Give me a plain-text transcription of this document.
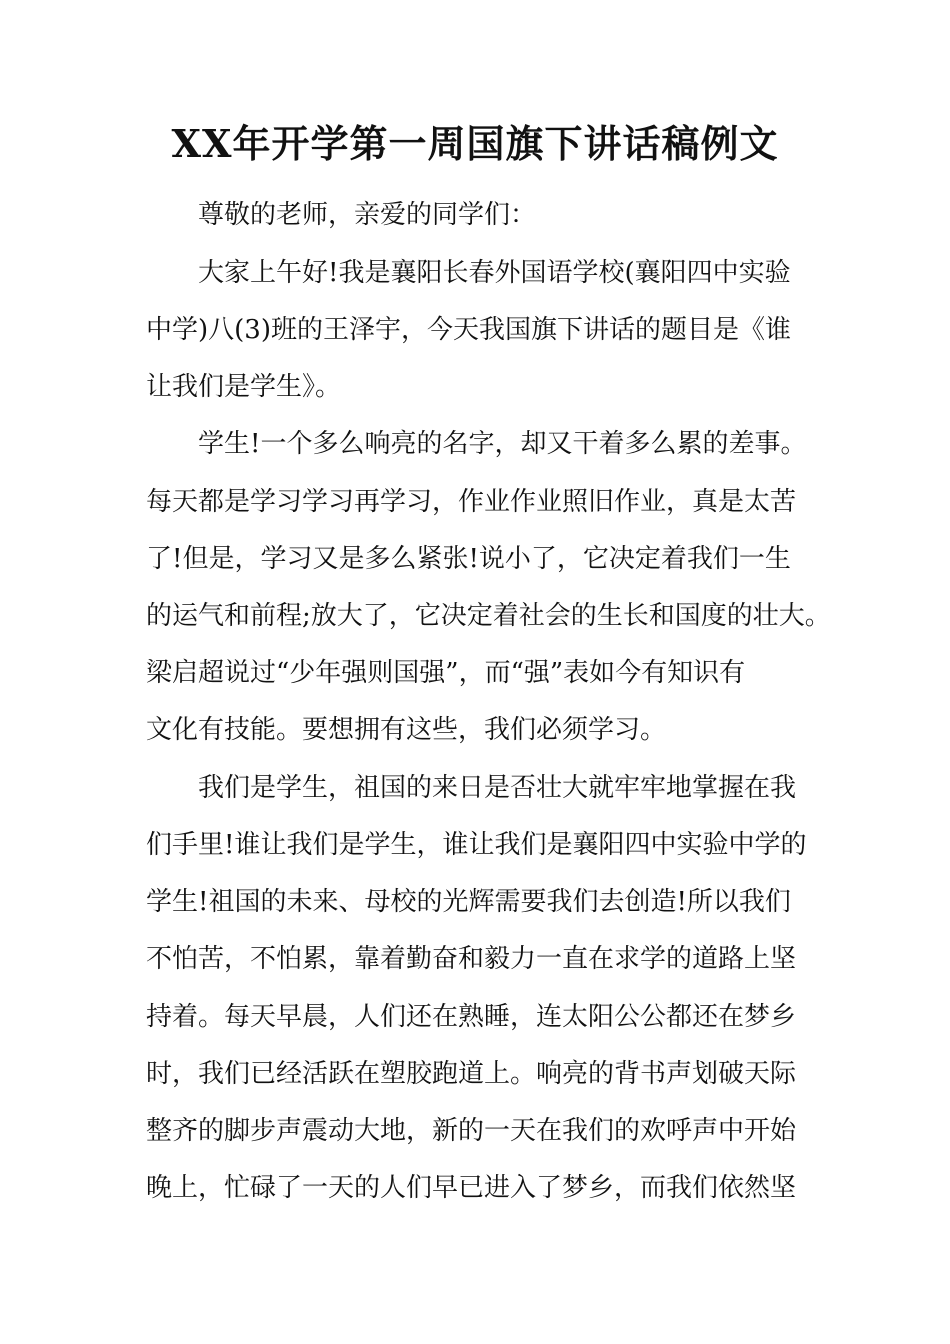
XX年开学第一周国旗下讲话稿例文
尊敬的老师，亲爱的同学们：
大家上午好!我是襄阳长春外国语学校(襄阳四中实验
中学)八(3)班的王泽宇，今天我国旗下讲话的题目是《谁
让我们是学生》。
学生!一个多么响亮的名字，却又干着多么累的差事。
每天都是学习学习再学习，作业作业照旧作业，真是太苦
了!但是，学习又是多么紧张!说小了，它决定着我们一生
的运气和前程;放大了，它决定着社会的生长和国度的壮大。
梁启超说过“少年强则国强”，而“强”表如今有知识有
文化有技能。要想拥有这些，我们必须学习。
我们是学生，祖国的来日是否壮大就牢牢地掌握在我
们手里!谁让我们是学生，谁让我们是襄阳四中实验中学的
学生!祖国的未来、母校的光辉需要我们去创造!所以我们
不怕苦，不怕累，靠着勤奋和毅力一直在求学的道路上坚
持着。每天早晨，人们还在熟睡，连太阳公公都还在梦乡
时，我们已经活跃在塑胶跑道上。响亮的背书声划破天际
整齐的脚步声震动大地，新的一天在我们的欢呼声中开始
晚上，忙碌了一天的人们早已进入了梦乡，而我们依然坚
